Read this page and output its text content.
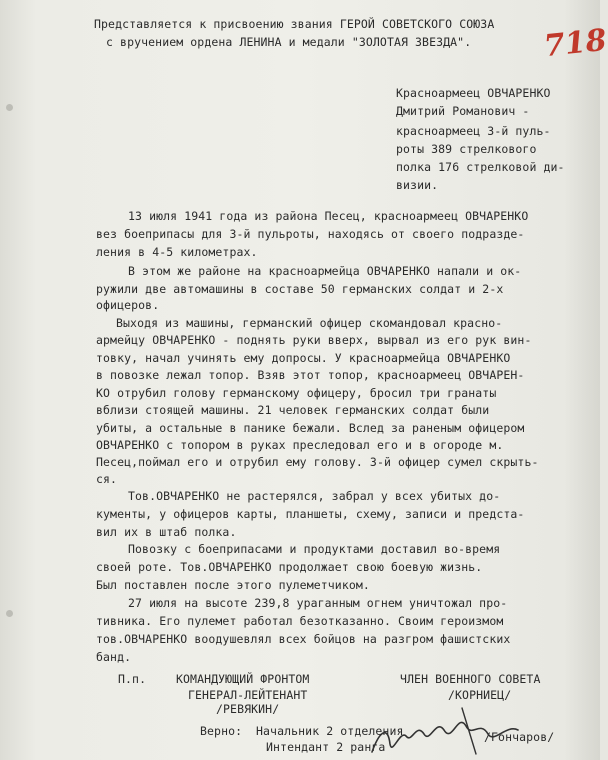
718

Представляется к присвоению звания ГЕРОЙ СОВЕТСКОГО СОЮЗА

с вручением ордена ЛЕНИНА и медали "ЗОЛОТАЯ ЗВЕЗДА".

Красноармеец ОВЧАРЕНКО

Дмитрий Романович -

красноармеец 3-й пуль-

роты 389 стрелкового

полка 176 стрелковой ди-

визии.

13 июля 1941 года из района Песец, красноармеец ОВЧАРЕНКО

вез боеприпасы для 3-й пульроты, находясь от своего подразде-

ления в 4-5 километрах.

В этом же районе на красноармейца ОВЧАРЕНКО напали и ок-

ружили две автомашины в составе 50 германских солдат и 2-х

офицеров.

Выходя из машины, германский офицер скомандовал красно-

армейцу ОВЧАРЕНКО - поднять руки вверх, вырвал из его рук вин-

товку, начал учинять ему допросы. У красноармейца ОВЧАРЕНКО

в повозке лежал топор. Взяв этот топор, красноармеец ОВЧАРЕН-

КО отрубил голову германскому офицеру, бросил три гранаты

вблизи стоящей машины. 21 человек германских солдат были

убиты, а остальные в панике бежали. Вслед за раненым офицером

ОВЧАРЕНКО с топором в руках преследовал его и в огороде м.

Песец,поймал его и отрубил ему голову. 3-й офицер сумел скрыть-

ся.

Тов.ОВЧАРЕНКО не растерялся, забрал у всех убитых до-

кументы, у офицеров карты, планшеты, схему, записи и предста-

вил их в штаб полка.

Повозку с боеприпасами и продуктами доставил во-время

своей роте. Тов.ОВЧАРЕНКО продолжает свою боевую жизнь.

Был поставлен после этого пулеметчиком.

27 июля на высоте 239,8 ураганным огнем уничтожал про-

тивника. Его пулемет работал безотказанно. Своим героизмом

тов.ОВЧАРЕНКО воодушевлял всех бойцов на разгром фашистских

банд.

П.п.	КОМАНДУЮЩИЙ ФРОНТОМ

ГЕНЕРАЛ-ЛЕЙТЕНАНТ

/РЕВЯКИН/

ЧЛЕН ВОЕННОГО СОВЕТА

/КОРНИЕЦ/

Верно: Начальник 2 отделения

Интендант 2 ранга

/Гончаров/
